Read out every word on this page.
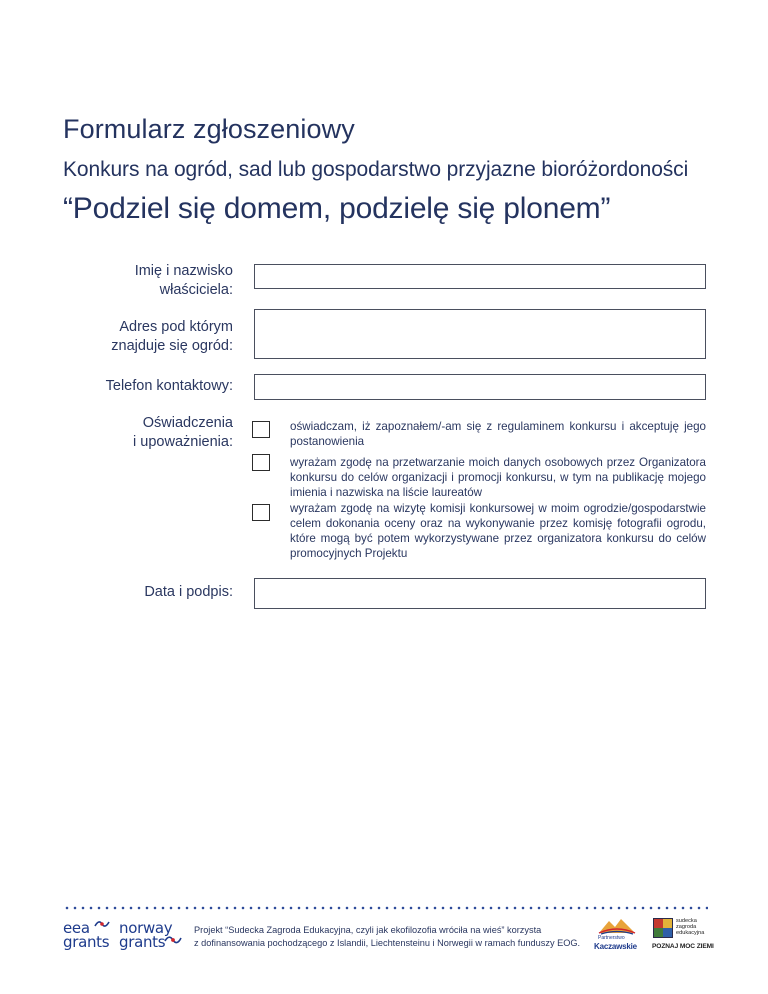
Formularz zgłoszeniowy
Konkurs na ogród, sad lub gospodarstwo przyjazne bioróżordoności
“Podziel się domem, podzielę się plonem”
Imię i nazwisko
właściciela:
Adres pod którym
znajduje się ogród:
Telefon kontaktowy:
Oświadczenia
i upoważnienia:
oświadczam, iż zapoznałem/-am się z regulaminem konkursu i akceptuję jego postanowienia
wyrażam zgodę na przetwarzanie moich danych osobowych przez Organizatora konkursu do celów organizacji i promocji konkursu, w tym na publikację mojego imienia i nazwiska na liście laureatów
wyrażam zgodę na wizytę komisji konkursowej w moim ogrodzie/gospodarstwie celem dokonania oceny oraz na wykonywanie przez komisję fotografii ogrodu, które mogą być potem wykorzystywane przez organizatora konkursu do celów promocyjnych Projektu
Data i podpis:
eea
grants
norway
grants
Projekt “Sudecka Zagroda Edukacyjna, czyli jak ekofilozofia wróciła na wieś” korzysta
z dofinansowania pochodzącego z Islandii, Liechtensteinu i Norwegii w ramach funduszy EOG.	Partnerstwo
Kaczawskie
sudecka
zagroda
edukacyjna
POZNAJ MOC ZIEMI
